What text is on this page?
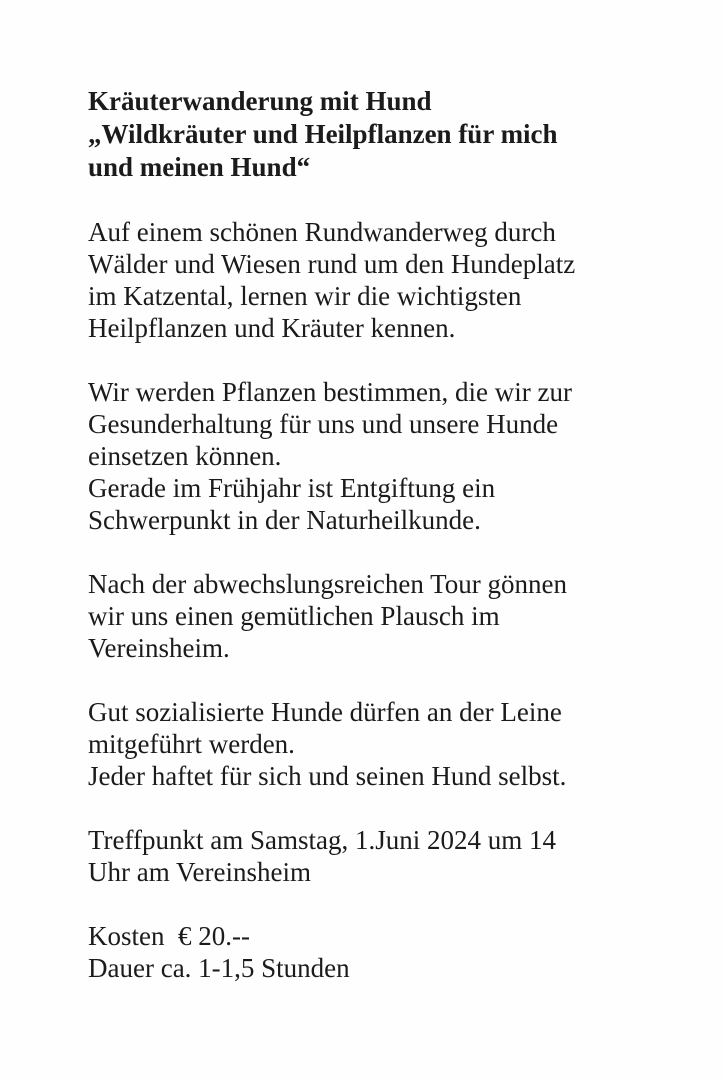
Kräuterwanderung mit Hund
„Wildkräuter und Heilpflanzen für mich
und meinen Hund“

Auf einem schönen Rundwanderweg durch
Wälder und Wiesen rund um den Hundeplatz
im Katzental, lernen wir die wichtigsten
Heilpflanzen und Kräuter kennen.

Wir werden Pflanzen bestimmen, die wir zur
Gesunderhaltung für uns und unsere Hunde
einsetzen können.
Gerade im Frühjahr ist Entgiftung ein
Schwerpunkt in der Naturheilkunde.

Nach der abwechslungsreichen Tour gönnen
wir uns einen gemütlichen Plausch im
Vereinsheim.

Gut sozialisierte Hunde dürfen an der Leine
mitgeführt werden.
Jeder haftet für sich und seinen Hund selbst.

Treffpunkt am Samstag, 1.Juni 2024 um 14
Uhr am Vereinsheim

Kosten  € 20.--
Dauer ca. 1-1,5 Stunden
